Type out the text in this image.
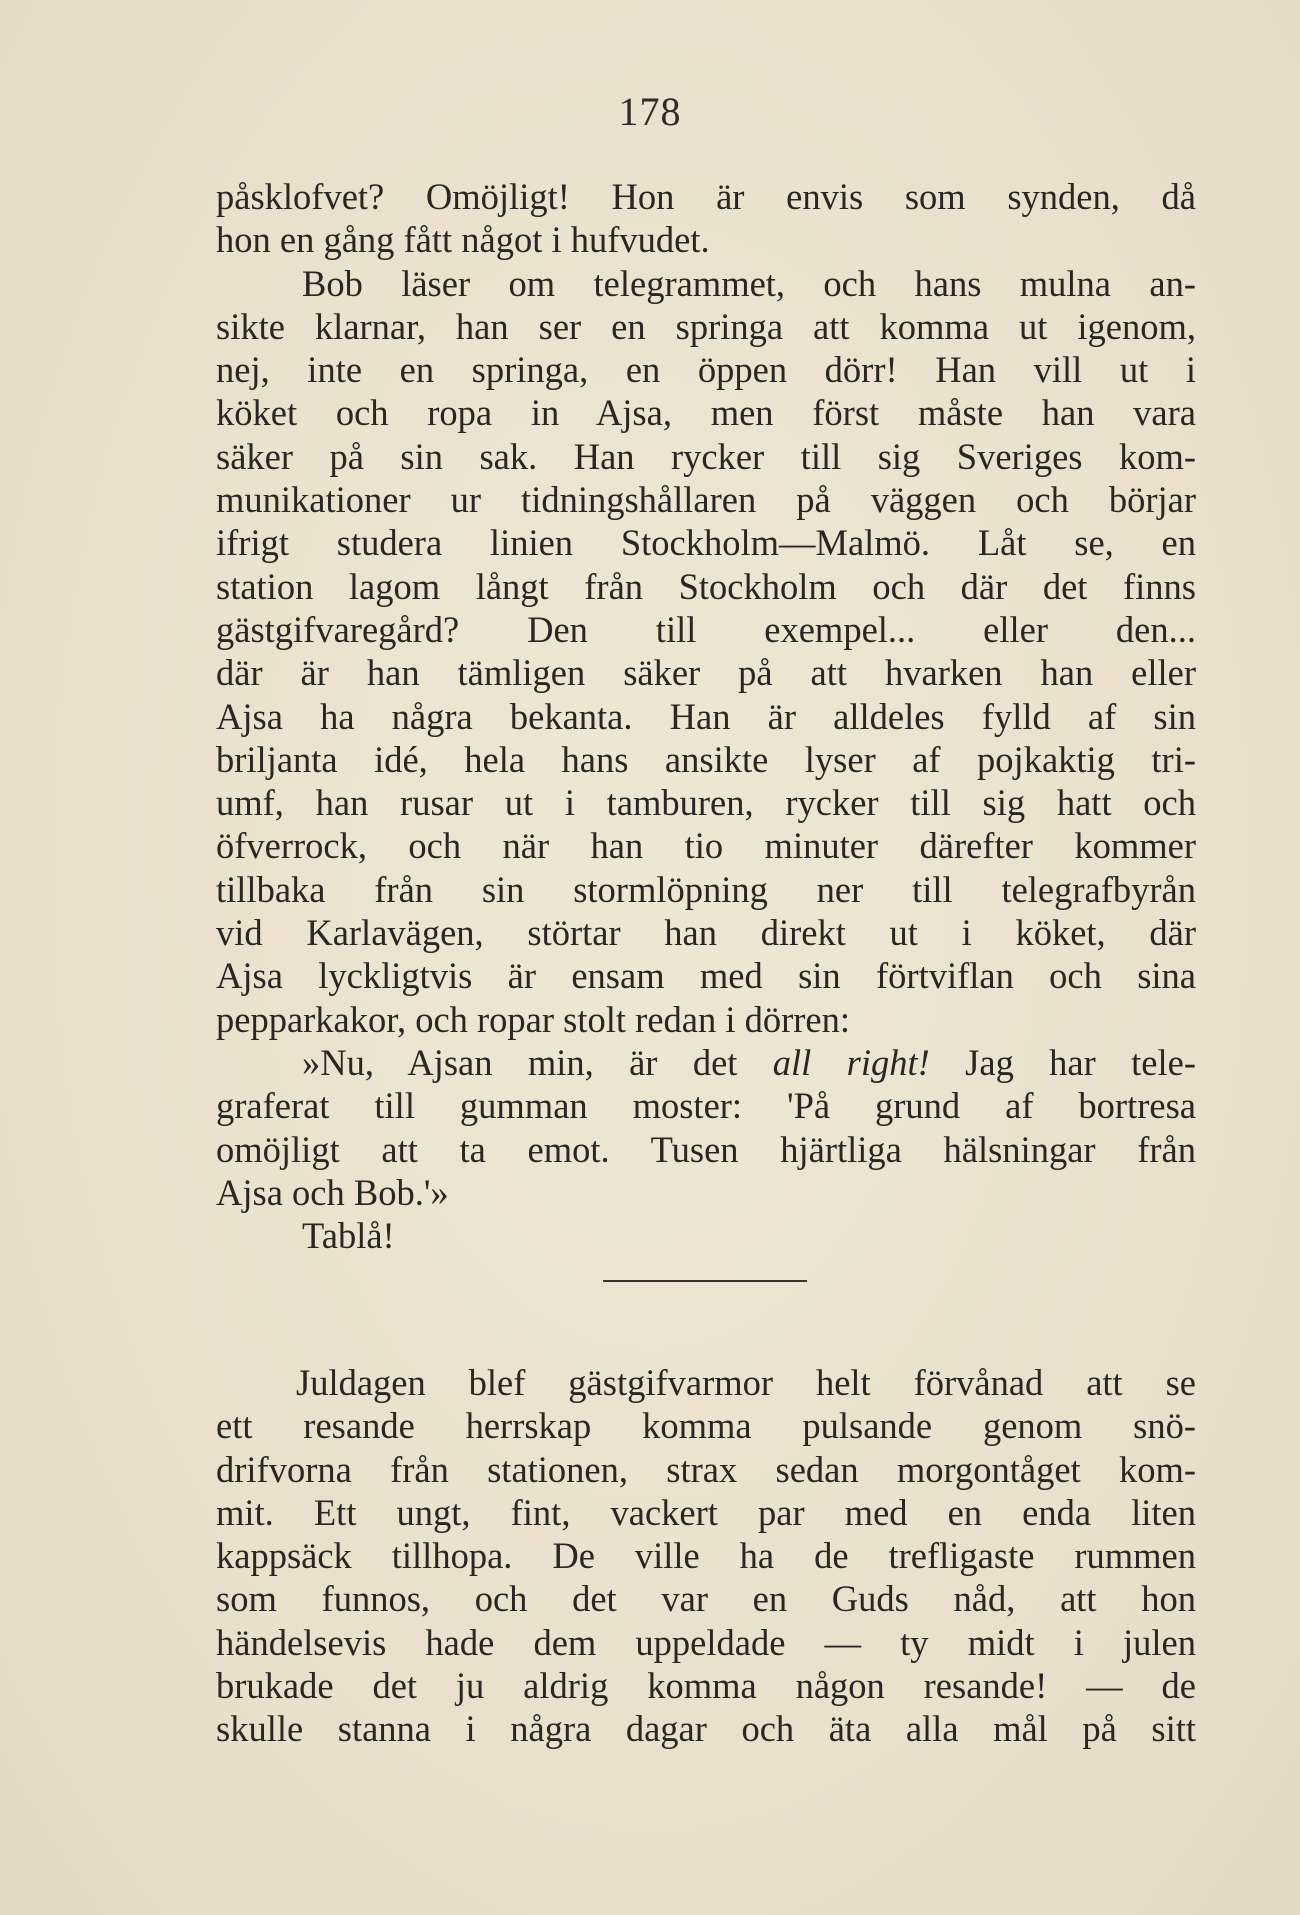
178
påsklofvet? Omöjligt! Hon är envis som synden, då
hon en gång fått något i hufvudet.
Bob läser om telegrammet, och hans mulna an-
sikte klarnar, han ser en springa att komma ut igenom,
nej, inte en springa, en öppen dörr! Han vill ut i
köket och ropa in Ajsa, men först måste han vara
säker på sin sak. Han rycker till sig Sveriges kom-
munikationer ur tidningshållaren på väggen och börjar
ifrigt studera linien Stockholm—Malmö. Låt se, en
station lagom långt från Stockholm och där det finns
gästgifvaregård? Den till exempel... eller den...
där är han tämligen säker på att hvarken han eller
Ajsa ha några bekanta. Han är alldeles fylld af sin
briljanta idé, hela hans ansikte lyser af pojkaktig tri-
umf, han rusar ut i tamburen, rycker till sig hatt och
öfverrock, och när han tio minuter därefter kommer
tillbaka från sin stormlöpning ner till telegrafbyrån
vid Karlavägen, störtar han direkt ut i köket, där
Ajsa lyckligtvis är ensam med sin förtviflan och sina
pepparkakor, och ropar stolt redan i dörren:
»Nu, Ajsan min, är det all right! Jag har tele-
graferat till gumman moster: 'På grund af bortresa
omöjligt att ta emot. Tusen hjärtliga hälsningar från
Ajsa och Bob.'»
Tablå!
Juldagen blef gästgifvarmor helt förvånad att se
ett resande herrskap komma pulsande genom snö-
drifvorna från stationen, strax sedan morgontåget kom-
mit. Ett ungt, fint, vackert par med en enda liten
kappsäck tillhopa. De ville ha de trefligaste rummen
som funnos, och det var en Guds nåd, att hon
händelsevis hade dem uppeldade — ty midt i julen
brukade det ju aldrig komma någon resande! — de
skulle stanna i några dagar och äta alla mål på sitt
